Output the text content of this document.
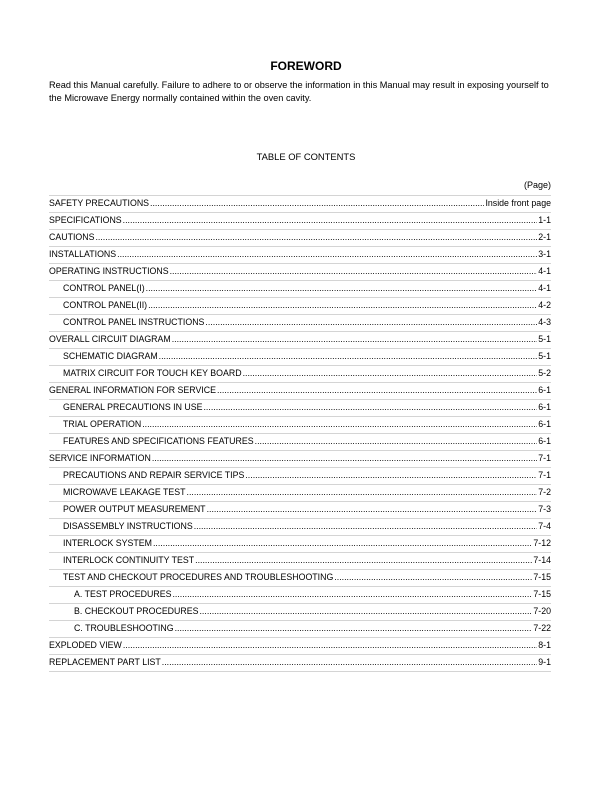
FOREWORD

Read this Manual carefully. Failure to adhere to or observe the information in this Manual may result in exposing yourself to the Microwave Energy normally contained within the oven cavity.

TABLE OF CONTENTS

(Page)
SAFETY PRECAUTIONS .....	Inside front page
SPECIFICATIONS .....	1-1
CAUTIONS .....	2-1
INSTALLATIONS .....	3-1
OPERATING INSTRUCTIONS .....	4-1
CONTROL PANEL(I) .....	4-1
CONTROL PANEL(II) .....	4-2
CONTROL PANEL INSTRUCTIONS .....	4-3
OVERALL CIRCUIT DIAGRAM .....	5-1
SCHEMATIC DIAGRAM .....	5-1
MATRIX CIRCUIT FOR TOUCH KEY BOARD .....	5-2
GENERAL INFORMATION FOR SERVICE .....	6-1
GENERAL PRECAUTIONS IN USE .....	6-1
TRIAL OPERATION .....	6-1
FEATURES AND SPECIFICATIONS FEATURES .....	6-1
SERVICE INFORMATION .....	7-1
PRECAUTIONS AND REPAIR SERVICE TIPS .....	7-1
MICROWAVE LEAKAGE TEST .....	7-2
POWER OUTPUT MEASUREMENT .....	7-3
DISASSEMBLY INSTRUCTIONS .....	7-4
INTERLOCK SYSTEM .....	7-12
INTERLOCK CONTINUITY TEST .....	7-14
TEST AND CHECKOUT PROCEDURES AND TROUBLESHOOTING .....	7-15
A. TEST PROCEDURES .....	7-15
B. CHECKOUT PROCEDURES .....	7-20
C. TROUBLESHOOTING .....	7-22
EXPLODED VIEW .....	8-1
REPLACEMENT PART LIST .....	9-1
